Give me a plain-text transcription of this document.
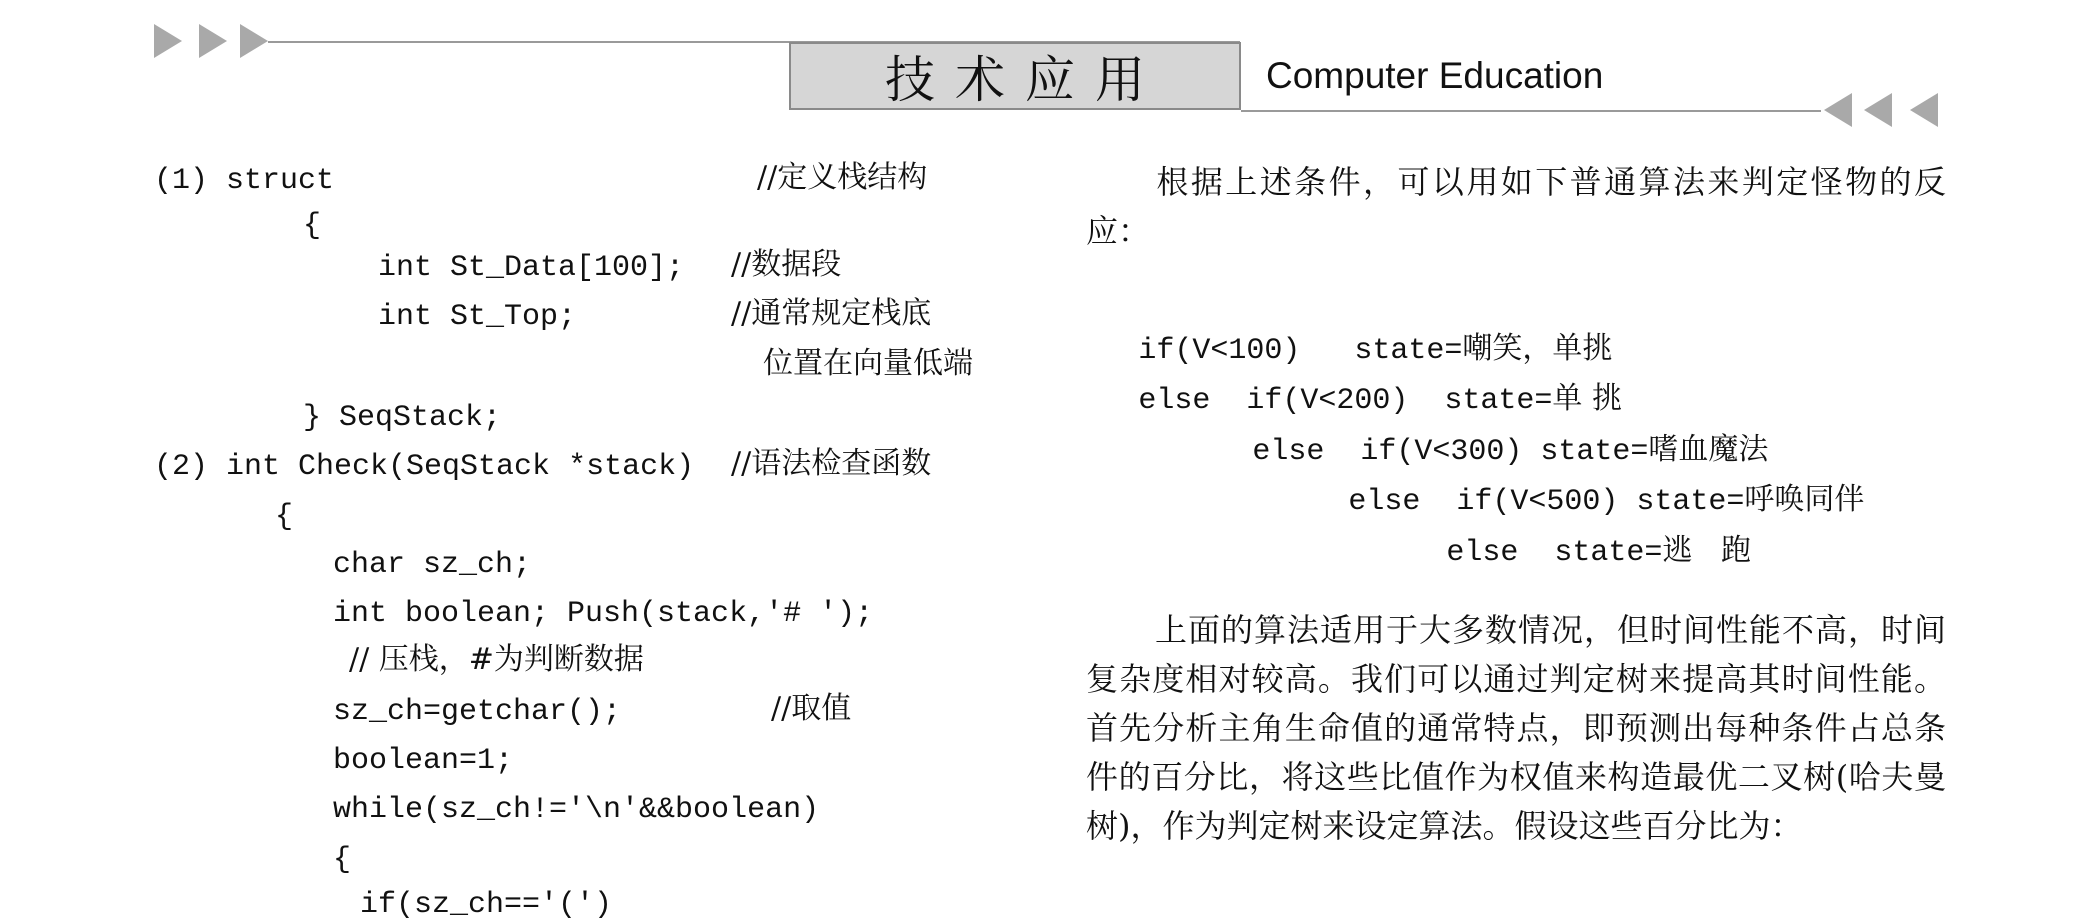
技术应用	Computer Education
(1) struct	//定义栈结构
{
int St_Data[100]; //数据段
int St_Top;	//通常规定栈底
位置在向量低端
} SeqStack;
(2) int Check(SeqStack *stack) //语法检查函数
{
char sz_ch;
int boolean; Push(stack,'# ');
// 压栈，#为判断数据
sz_ch=getchar();	//取值
boolean=1;
while(sz_ch!='\n'&&boolean)
{
if(sz_ch=='(')

根据上述条件，可以用如下普通算法来判定怪物的反应：

if(V<100)   state=嘲笑，单挑

else  if(V<200)  state=单 挑

else  if(V<300) state=嗜血魔法

else  if(V<500) state=呼唤同伴

else  state=逃   跑

上面的算法适用于大多数情况，但时间性能不高，时间复杂度相对较高。我们可以通过判定树来提高其时间性能。首先分析主角生命值的通常特点，即预测出每种条件占总条件的百分比，将这些比值作为权值来构造最优二叉树(哈夫曼树)，作为判定树来设定算法。假设这些百分比为：
